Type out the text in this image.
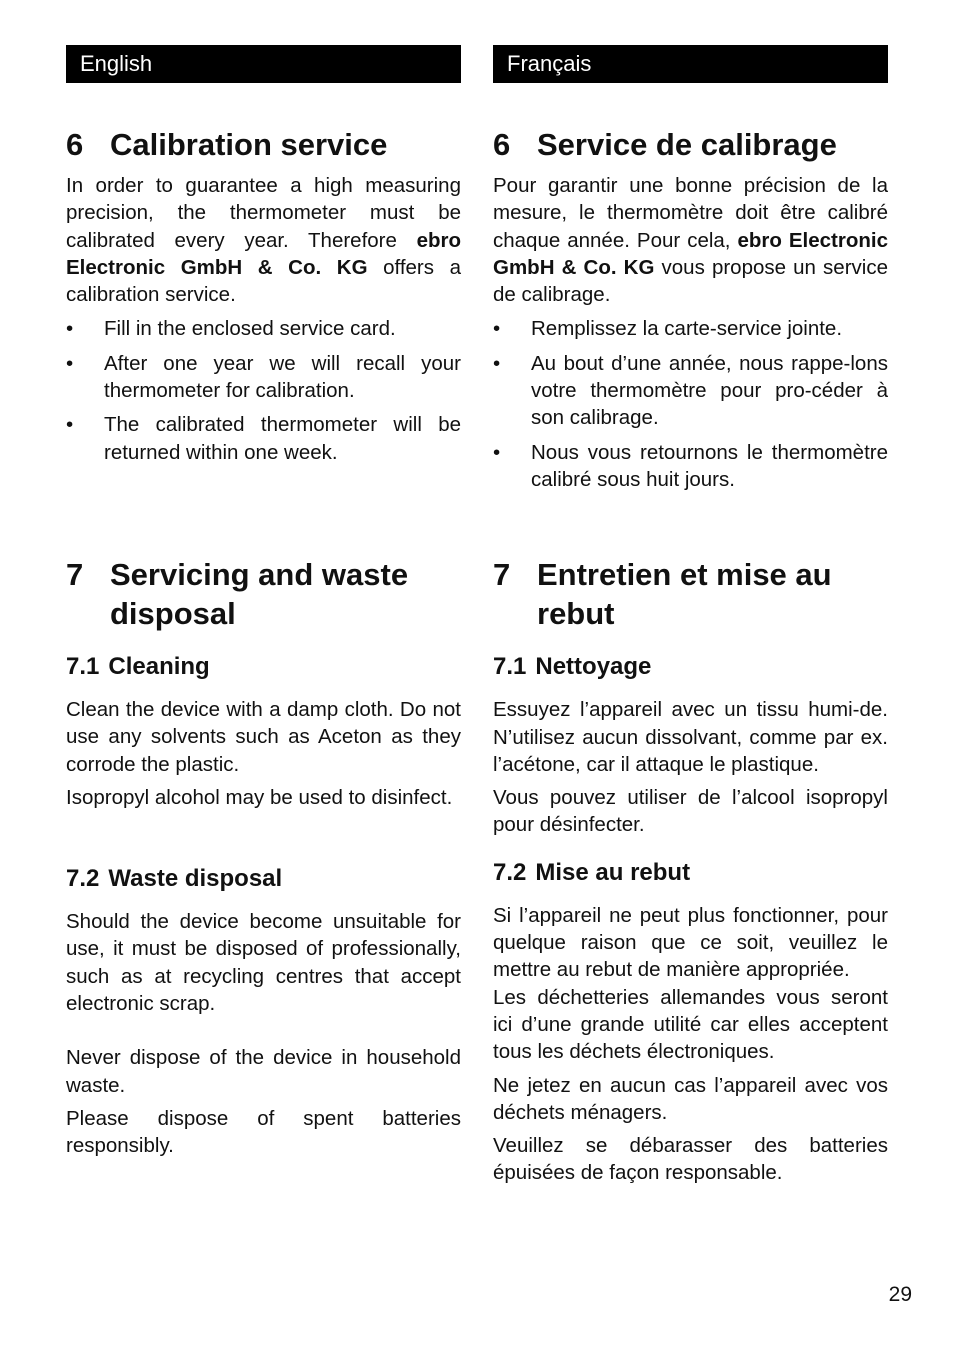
English
6 Calibration service

In order to guarantee a high measuring precision, the thermometer must be calibrated every year. Therefore ebro Electronic GmbH & Co. KG offers a calibration service.

• Fill in the enclosed service card.
• After one year we will recall your thermometer for calibration.
• The calibrated thermometer will be returned within one week.
7 Servicing and waste disposal
7.1 Cleaning

Clean the device with a damp cloth. Do not use any solvents such as Aceton as they corrode the plastic.

Isopropyl alcohol may be used to disinfect.

7.2 Waste disposal

Should the device become unsuitable for use, it must be disposed of professionally, such as at recycling centres that accept electronic scrap.

Never dispose of the device in household waste.

Please dispose of spent batteries responsibly.

Français
6 Service de calibrage

Pour garantir une bonne précision de la mesure, le thermomètre doit être calibré chaque année. Pour cela, ebro Electronic GmbH & Co. KG vous propose un service de calibrage.

• Remplissez la carte-service jointe.
• Au bout d’une année, nous rappe-lons votre thermomètre pour pro-céder à son calibrage.
• Nous vous retournons le thermomètre calibré sous huit jours.
7 Entretien et mise au rebut
7.1 Nettoyage

Essuyez l’appareil avec un tissu humi-de. N’utilisez aucun dissolvant, comme par ex. l’acétone, car il attaque le plastique.

Vous pouvez utiliser de l’alcool isopropyl pour désinfecter.

7.2 Mise au rebut

Si l’appareil ne peut plus fonctionner, pour quelque raison que ce soit, veuillez le mettre au rebut de manière appropriée.

Les déchetteries allemandes vous seront ici d’une grande utilité car elles acceptent tous les déchets électroniques.

Ne jetez en aucun cas l’appareil avec vos déchets ménagers.

Veuillez se débarasser des batteries épuisées de façon responsable.

29
